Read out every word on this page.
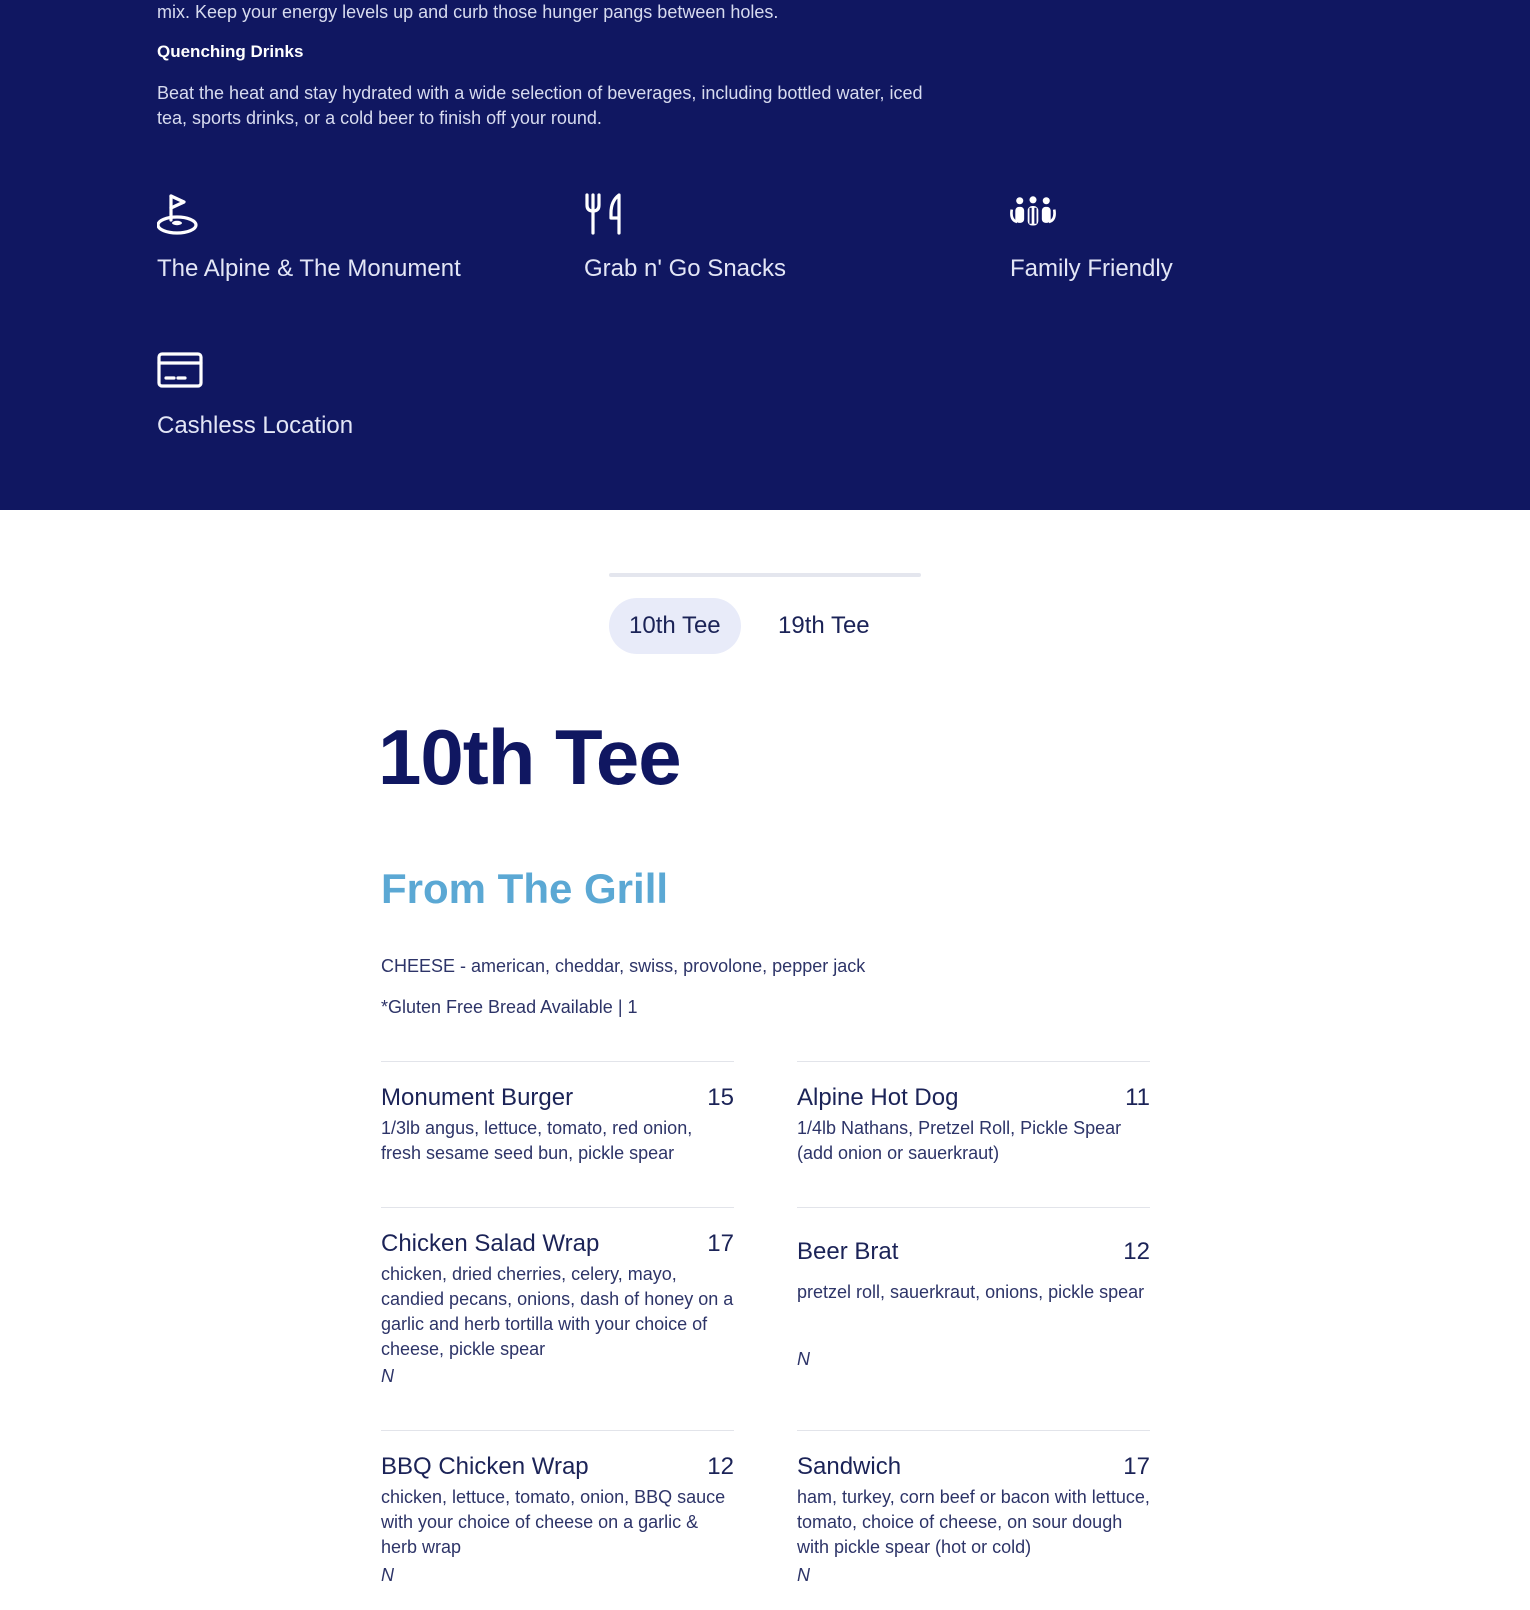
mix. Keep your energy levels up and curb those hunger pangs between holes.
Quenching Drinks
Beat the heat and stay hydrated with a wide selection of beverages, including bottled water, iced tea, sports drinks, or a cold beer to finish off your round.
The Alpine & The Monument	Grab n' Go Snacks	Family Friendly
Cashless Location
10th Tee	19th Tee
10th Tee
From The Grill
CHEESE - american, cheddar, swiss, provolone, pepper jack
*Gluten Free Bread Available | 1
Monument Burger	15
1/3lb angus, lettuce, tomato, red onion, fresh sesame seed bun, pickle spear
Alpine Hot Dog	11
1/4lb Nathans, Pretzel Roll, Pickle Spear (add onion or sauerkraut)
Chicken Salad Wrap	17
chicken, dried cherries, celery, mayo, candied pecans, onions, dash of honey on a garlic and herb tortilla with your choice of cheese, pickle spear
N
Beer Brat	12
pretzel roll, sauerkraut, onions, pickle spear
N
BBQ Chicken Wrap	12
chicken, lettuce, tomato, onion, BBQ sauce with your choice of cheese on a garlic & herb wrap
N
Sandwich	17
ham, turkey, corn beef or bacon with lettuce, tomato, choice of cheese, on sour dough with pickle spear (hot or cold)
N
